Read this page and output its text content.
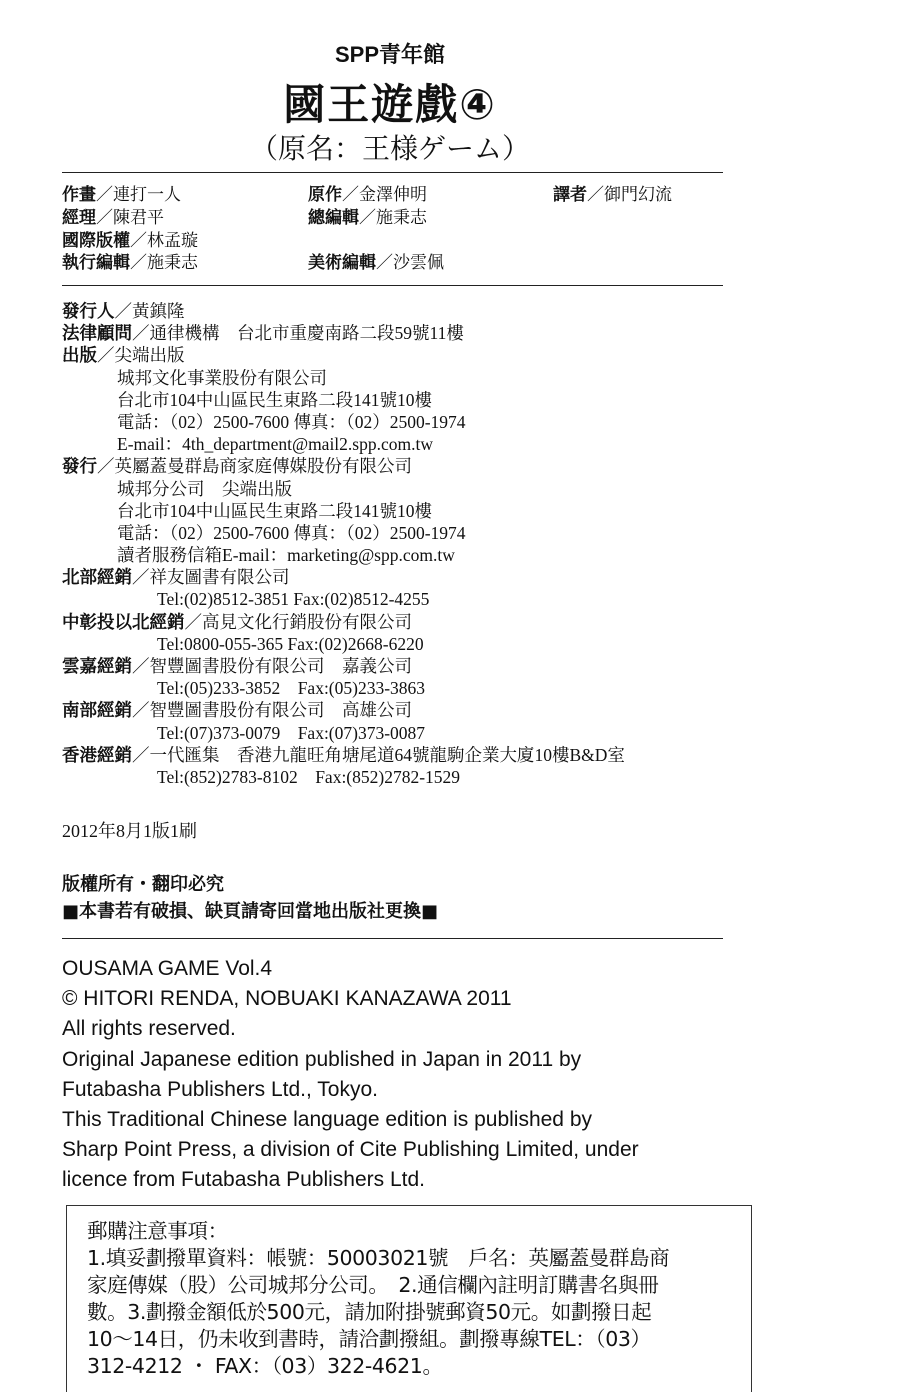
SPP青年館
國王遊戲④
（原名：王様ゲーム）
作畫／連打一人	原作／金澤伸明	譯者／御門幻流
經理／陳君平	總編輯／施秉志
國際版權／林孟璇
執行編輯／施秉志	美術編輯／沙雲佩
發行人／黃鎮隆
法律顧問／通律機構　台北市重慶南路二段59號11樓
出版／尖端出版
城邦文化事業股份有限公司
台北市104中山區民生東路二段141號10樓
電話：（02）2500-7600 傳真：（02）2500-1974
E-mail：4th_department@mail2.spp.com.tw
發行／英屬蓋曼群島商家庭傳媒股份有限公司
城邦分公司　尖端出版
台北市104中山區民生東路二段141號10樓
電話：（02）2500-7600 傳真：（02）2500-1974
讀者服務信箱E-mail：marketing@spp.com.tw
北部經銷／祥友圖書有限公司
Tel:(02)8512-3851 Fax:(02)8512-4255
中彰投以北經銷／高見文化行銷股份有限公司
Tel:0800-055-365 Fax:(02)2668-6220
雲嘉經銷／智豐圖書股份有限公司　嘉義公司
Tel:(05)233-3852　Fax:(05)233-3863
南部經銷／智豐圖書股份有限公司　高雄公司
Tel:(07)373-0079　Fax:(07)373-0087
香港經銷／一代匯集　香港九龍旺角塘尾道64號龍駒企業大廈10樓B&D室
Tel:(852)2783-8102　Fax:(852)2782-1529
2012年8月1版1刷
版權所有・翻印必究
■本書若有破損、缺頁請寄回當地出版社更換■
OUSAMA GAME Vol.4
© HITORI RENDA, NOBUAKI KANAZAWA 2011
All rights reserved.
Original Japanese edition published in Japan in 2011 by
Futabasha Publishers Ltd., Tokyo.
This Traditional Chinese language edition is published by
Sharp Point Press, a division of Cite Publishing Limited, under
licence from Futabasha Publishers Ltd.
郵購注意事項：
1.填妥劃撥單資料：帳號：50003021號　戶名：英屬蓋曼群島商
家庭傳媒（股）公司城邦分公司。　2.通信欄內註明訂購書名與冊
數。3.劃撥金額低於500元，請加附掛號郵資50元。如劃撥日起
10～14日，仍未收到書時，請洽劃撥組。劃撥專線TEL：（03）
312-4212 ・ FAX：（03）322-4621。
